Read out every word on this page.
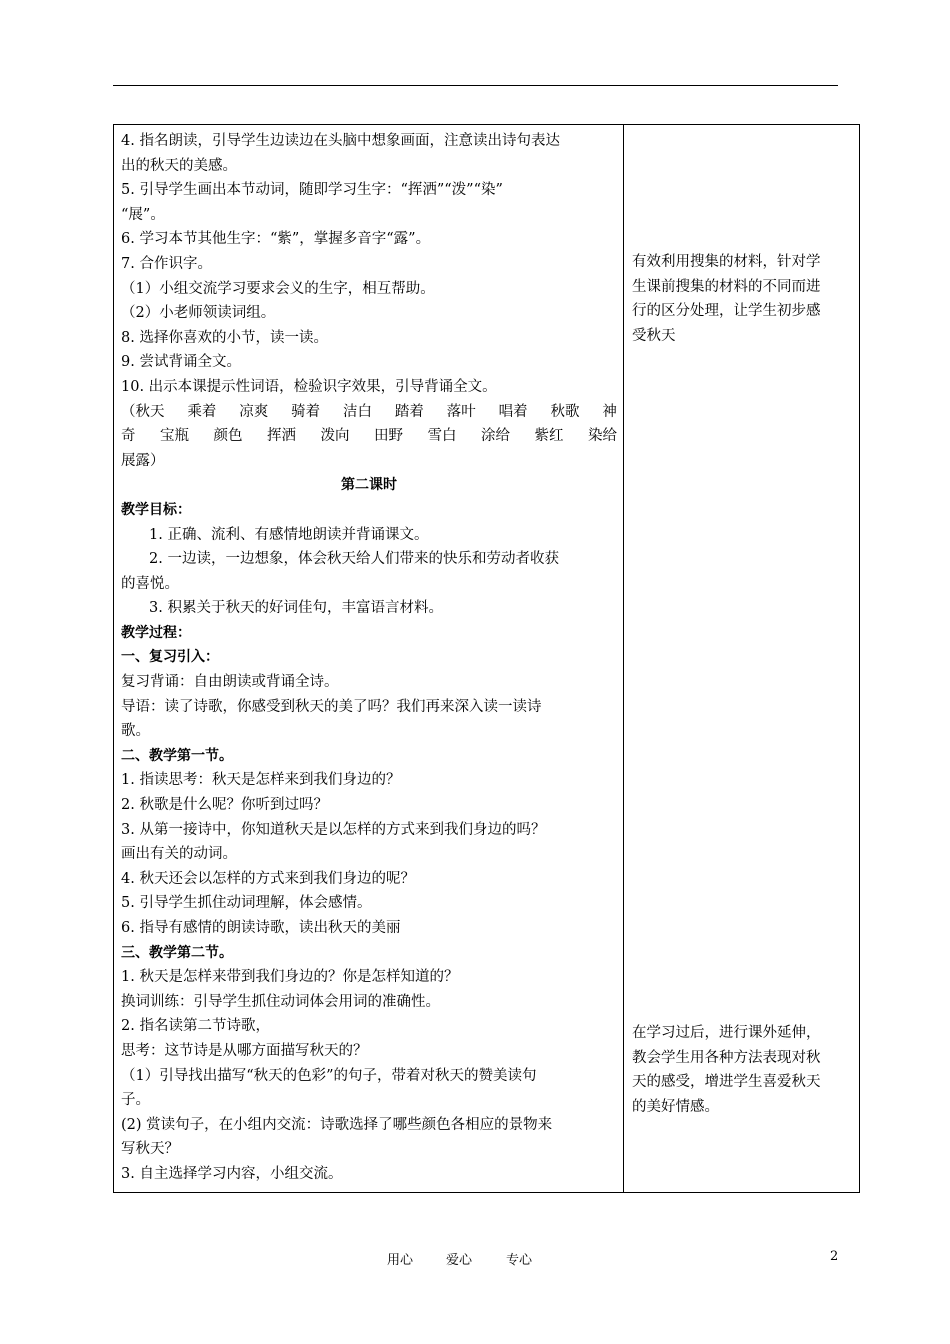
4. 指名朗读，引导学生边读边在头脑中想象画面，注意读出诗句表达
出的秋天的美感。
5. 引导学生画出本节动词，随即学习生字：“挥洒”“泼”“染”
“展”。
6. 学习本节其他生字：“紫”，掌握多音字“露”。
7. 合作识字。
（1）小组交流学习要求会义的生字，相互帮助。
（2）小老师领读词组。
8. 选择你喜欢的小节，读一读。
9. 尝试背诵全文。
10. 出示本课提示性词语，检验识字效果，引导背诵全文。
（秋天 乘着 凉爽 骑着 洁白 踏着 落叶 唱着 秋歌 神
奇 宝瓶 颜色 挥洒 泼向 田野 雪白 涂给 紫红 染给
展露）
第二课时
教学目标：
1. 正确、流利、有感情地朗读并背诵课文。
2. 一边读，一边想象，体会秋天给人们带来的快乐和劳动者收获
的喜悦。
3. 积累关于秋天的好词佳句，丰富语言材料。
教学过程：
一、复习引入：
复习背诵：自由朗读或背诵全诗。
导语：读了诗歌，你感受到秋天的美了吗？我们再来深入读一读诗
歌。
二、教学第一节。
1. 指读思考：秋天是怎样来到我们身边的？
2. 秋歌是什么呢？你听到过吗？
3. 从第一接诗中，你知道秋天是以怎样的方式来到我们身边的吗？
画出有关的动词。
4. 秋天还会以怎样的方式来到我们身边的呢？
5. 引导学生抓住动词理解，体会感情。
6. 指导有感情的朗读诗歌，读出秋天的美丽
三、教学第二节。
1. 秋天是怎样来带到我们身边的？你是怎样知道的？
换词训练：引导学生抓住动词体会用词的准确性。
2. 指名读第二节诗歌，
思考：这节诗是从哪方面描写秋天的？
（1）引导找出描写“秋天的色彩”的句子，带着对秋天的赞美读句
子。
(2) 赏读句子，在小组内交流：诗歌选择了哪些颜色各相应的景物来
写秋天？
3. 自主选择学习内容，小组交流。
有效利用搜集的材料，针对学
生课前搜集的材料的不同而进
行的区分处理，让学生初步感
受秋天
在学习过后，进行课外延伸，
教会学生用各种方法表现对秋
天的感受，增进学生喜爱秋天
的美好情感。
用心	爱心	专心	2
